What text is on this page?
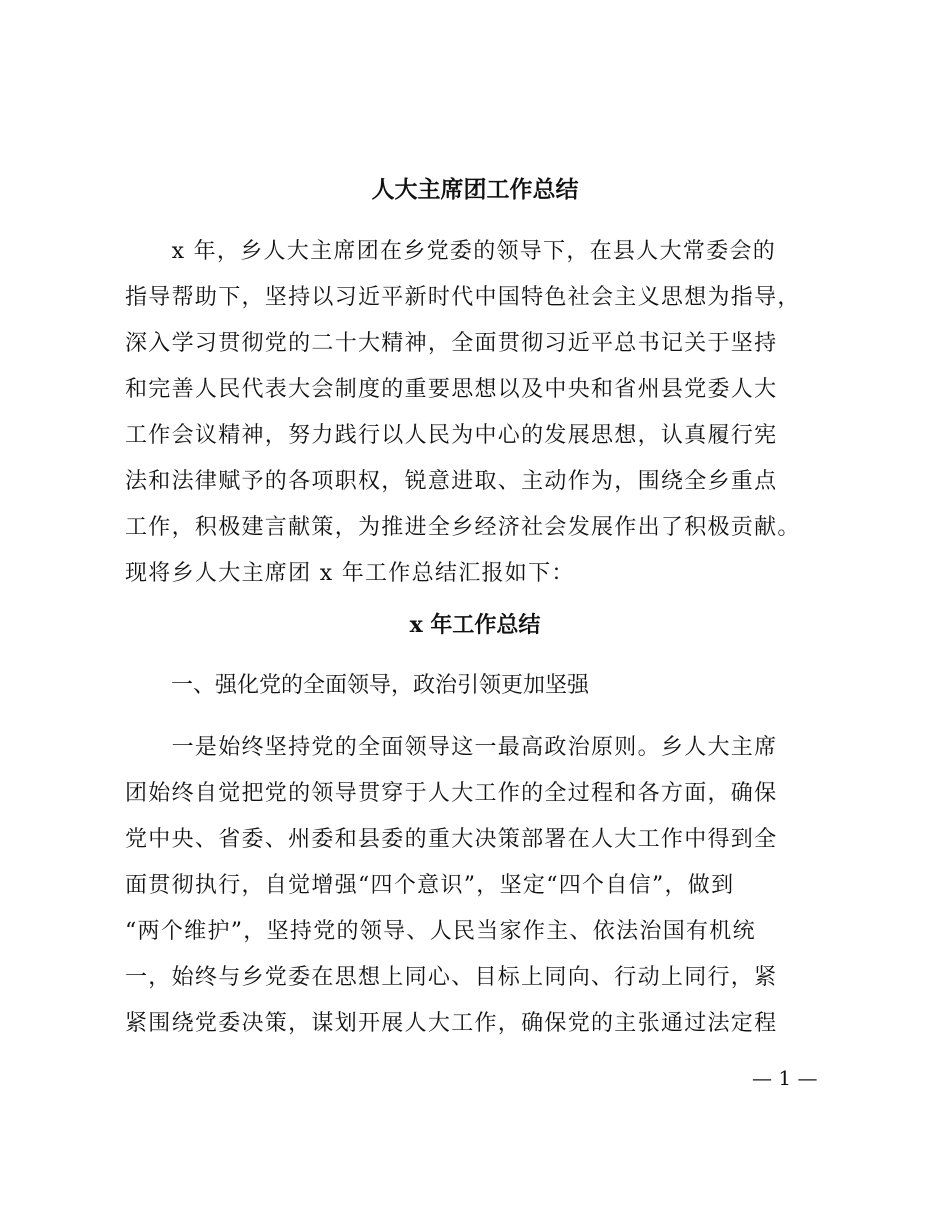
人大主席团工作总结
　　x 年，乡人大主席团在乡党委的领导下，在县人大常委会的
指导帮助下，坚持以习近平新时代中国特色社会主义思想为指导，
深入学习贯彻党的二十大精神，全面贯彻习近平总书记关于坚持
和完善人民代表大会制度的重要思想以及中央和省州县党委人大
工作会议精神，努力践行以人民为中心的发展思想，认真履行宪
法和法律赋予的各项职权，锐意进取、主动作为，围绕全乡重点
工作，积极建言献策，为推进全乡经济社会发展作出了积极贡献。
现将乡人大主席团 x 年工作总结汇报如下：
x 年工作总结
一、强化党的全面领导，政治引领更加坚强
　　一是始终坚持党的全面领导这一最高政治原则。乡人大主席
团始终自觉把党的领导贯穿于人大工作的全过程和各方面，确保
党中央、省委、州委和县委的重大决策部署在人大工作中得到全
面贯彻执行，自觉增强“四个意识”，坚定“四个自信”，做到
“两个维护”，坚持党的领导、人民当家作主、依法治国有机统
一，始终与乡党委在思想上同心、目标上同向、行动上同行，紧
紧围绕党委决策，谋划开展人大工作，确保党的主张通过法定程
— 1 —
